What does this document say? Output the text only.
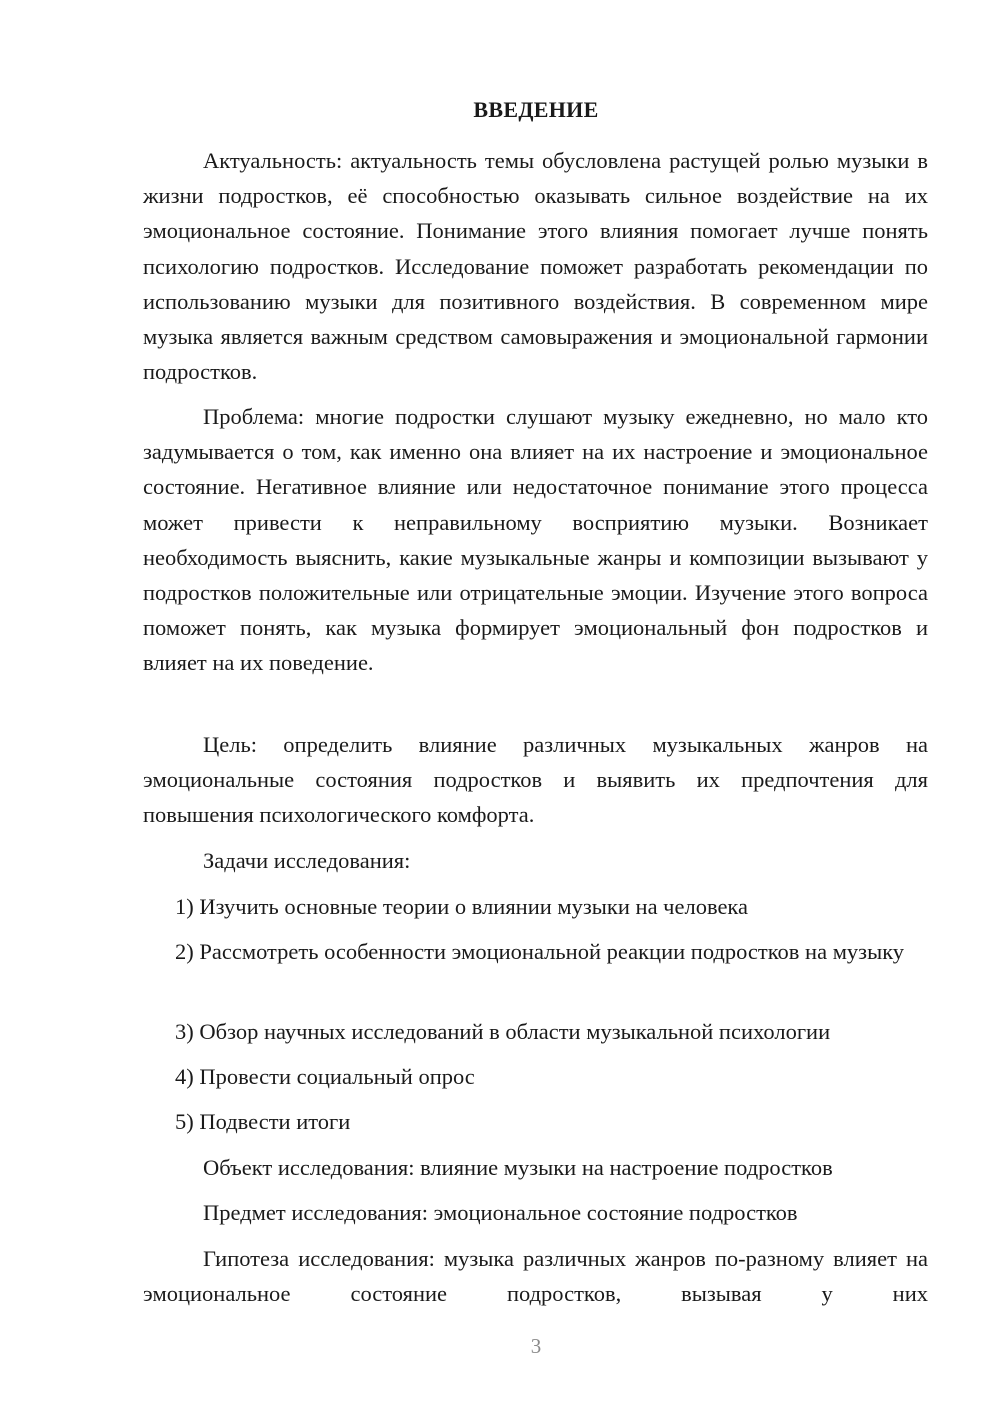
ВВЕДЕНИЕ

Актуальность: актуальность темы обусловлена растущей ролью музыки в жизни подростков, её способностью оказывать сильное воздействие на их эмоциональное состояние. Понимание этого влияния помогает лучше понять психологию подростков. Исследование поможет разработать рекомендации по использованию музыки для позитивного воздействия. В современном мире музыка является важным средством самовыражения и эмоциональной гармонии подростков.

Проблема: многие подростки слушают музыку ежедневно, но мало кто задумывается о том, как именно она влияет на их настроение и эмоциональное состояние. Негативное влияние или недостаточное понимание этого процесса может привести к неправильному восприятию музыки. Возникает необходимость выяснить, какие музыкальные жанры и композиции вызывают у подростков положительные или отрицательные эмоции. Изучение этого вопроса поможет понять, как музыка формирует эмоциональный фон подростков и влияет на их поведение.

Цель: определить влияние различных музыкальных жанров на эмоциональные состояния подростков и выявить их предпочтения для повышения психологического комфорта.

Задачи исследования:

1) Изучить основные теории о влиянии музыки на человека

2) Рассмотреть особенности эмоциональной реакции подростков на музыку

3) Обзор научных исследований в области музыкальной психологии

4) Провести социальный опрос

5) Подвести итоги

Объект исследования: влияние музыки на настроение подростков

Предмет исследования: эмоциональное состояние подростков

Гипотеза исследования: музыка различных жанров по-разному влияет на эмоциональное состояние подростков, вызывая у них

3
